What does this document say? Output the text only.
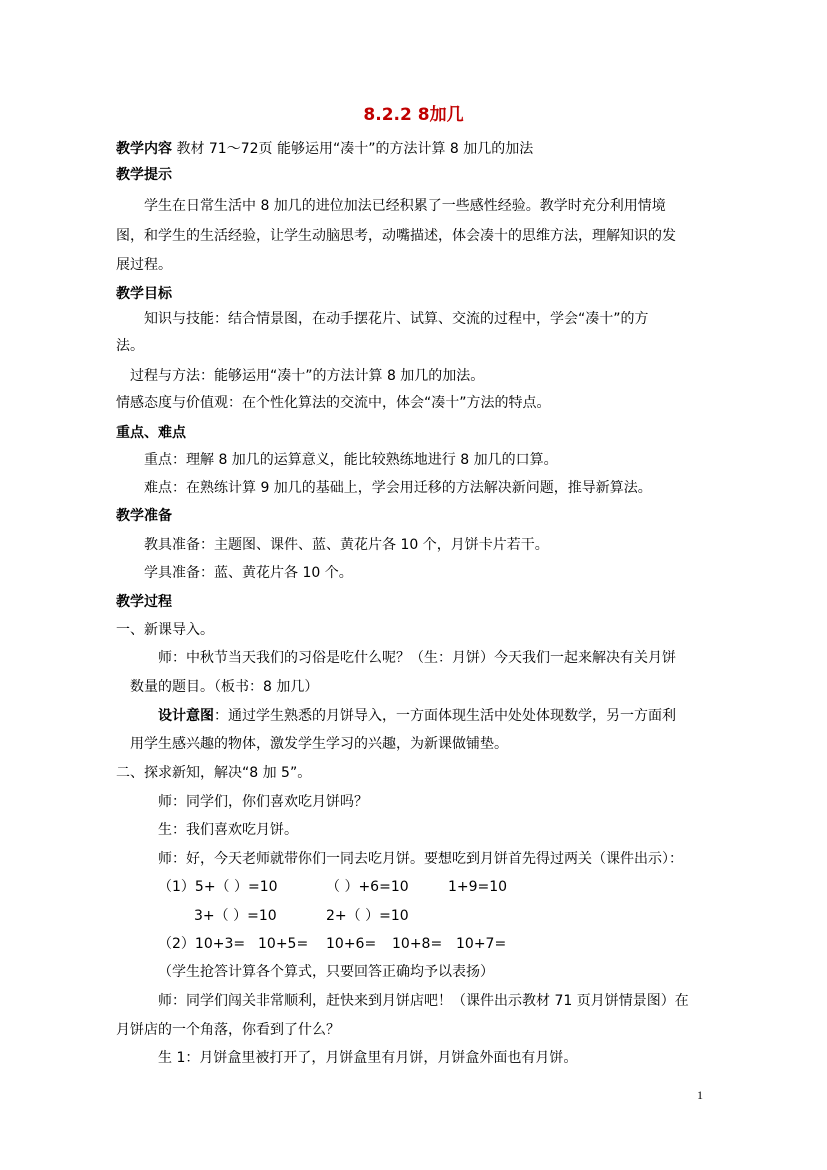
8.2.2 8加几
教学内容 教材 71～72页 能够运用“凑十”的方法计算 8 加几的加法
教学提示
学生在日常生活中 8 加几的进位加法已经积累了一些感性经验。教学时充分利用情境
图，和学生的生活经验，让学生动脑思考，动嘴描述，体会凑十的思维方法，理解知识的发
展过程。
教学目标
知识与技能：结合情景图，在动手摆花片、试算、交流的过程中，学会“凑十”的方
法。
过程与方法：能够运用“凑十”的方法计算 8 加几的加法。
情感态度与价值观：在个性化算法的交流中，体会“凑十”方法的特点。
重点、难点
重点：理解 8 加几的运算意义，能比较熟练地进行 8 加几的口算。
难点：在熟练计算 9 加几的基础上，学会用迁移的方法解决新问题，推导新算法。
教学准备
教具准备：主题图、课件、蓝、黄花片各 10 个，月饼卡片若干。
学具准备：蓝、黄花片各 10 个。
教学过程
一、新课导入。
师：中秋节当天我们的习俗是吃什么呢？（生：月饼）今天我们一起来解决有关月饼
数量的题目。（板书：8 加几）
设计意图：通过学生熟悉的月饼导入，一方面体现生活中处处体现数学，另一方面利
用学生感兴趣的物体，激发学生学习的兴趣，为新课做铺垫。
二、探求新知，解决“8 加 5”。
师：同学们，你们喜欢吃月饼吗？
生：我们喜欢吃月饼。
师：好，今天老师就带你们一同去吃月饼。要想吃到月饼首先得过两关（课件出示）：
（1）5+（ ）=10	（ ）+6=10	1+9=10
3+（ ）=10	2+（ ）=10
（2）10+3= 10+5= 10+6= 10+8= 10+7=
（学生抢答计算各个算式，只要回答正确均予以表扬）
师：同学们闯关非常顺利，赶快来到月饼店吧！（课件出示教材 71 页月饼情景图）在
月饼店的一个角落，你看到了什么？
生 1：月饼盒里被打开了，月饼盒里有月饼，月饼盒外面也有月饼。
1
